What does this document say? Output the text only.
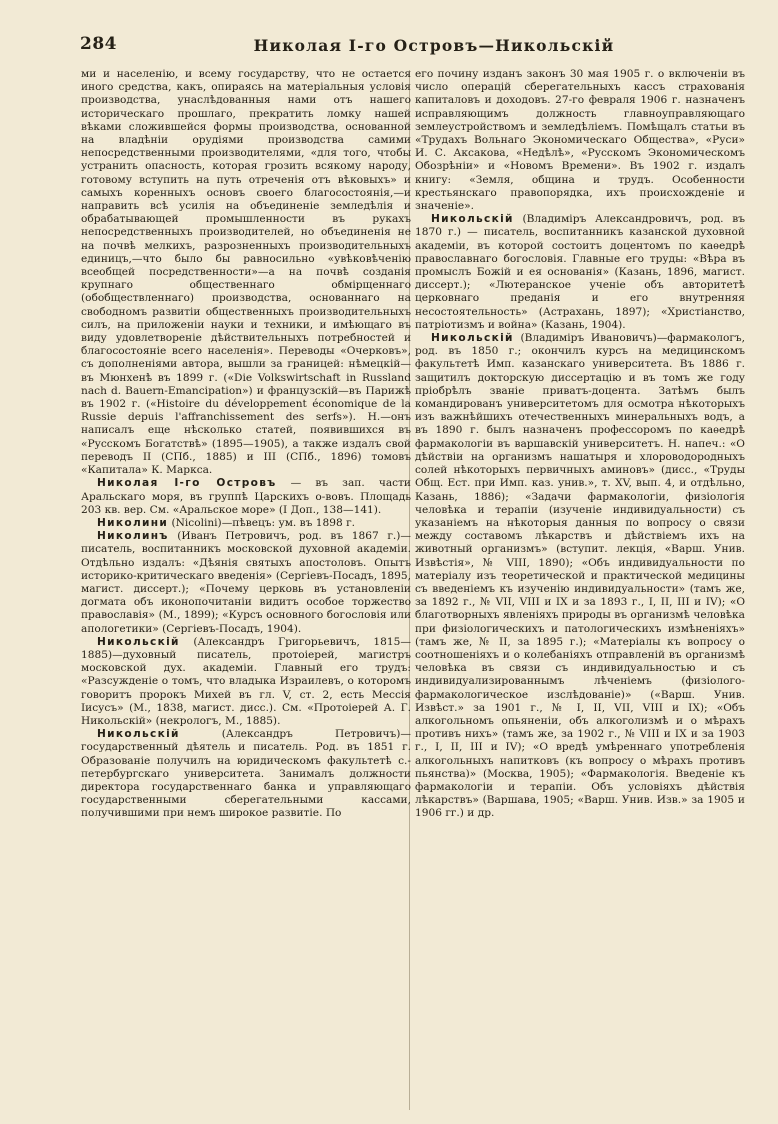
284	Николая I-го Островъ—Никольскій

ми и населенію, и всему государству, что не остается иного средства, какъ, опираясь на матеріальныя условія производства, унаслѣдованныя нами отъ нашего историческаго прошлаго, прекратить ломку нашей вѣками сложившейся формы производства, основанной на владѣніи орудіями производства самими непосредственными производителями, «для того, чтобы устранить опасность, которая грозить всякому народу, готовому вступить на путь отреченія отъ вѣковыхъ» и самыхъ коренныхъ основъ своего благосостоянія,—и направить всѣ усилія на объединеніе земледѣлія и обрабатывающей промышленности въ рукахъ непосредственныхъ производителей, но объединенія не на почвѣ мелкихъ, разрозненныхъ производительныхъ единицъ,—что было бы равносильно «увѣковѣченію всеобщей посредственности»—а на почвѣ созданія крупнаго общественнаго обмірщеннаго (обобществленнаго) производства, основаннаго на свободномъ развитіи общественныхъ производительныхъ силъ, на приложеніи науки и техники, и имѣющаго въ виду удовлетвореніе дѣйствительныхъ потребностей и благосостояніе всего населенія». Переводы «Очерковъ», съ дополненіями автора, вышли за границей: нѣмецкій—въ Мюнхенѣ въ 1899 г. («Die Volkswirtschaft in Russland nach d. Bauern-Emancipation») и французскій—въ Парижѣ въ 1902 г. («Histoire du développement économique de la Russie depuis l'affranchissement des serfs»). Н.—онъ написалъ еще нѣсколько статей, появившихся въ «Русскомъ Богатствѣ» (1895—1905), а также издалъ свой переводъ II (СПб., 1885) и III (СПб., 1896) томовъ «Капитала» К. Маркса.

Николая I-го Островъ — въ зап. части Аральскаго моря, въ группѣ Царскихъ о-вовъ. Площадь 203 кв. вер. См. «Аральское море» (I Доп., 138—141).

Николини (Nicolini)—пѣвецъ: ум. въ 1898 г.

Николинъ (Иванъ Петровичъ, род. въ 1867 г.)—писатель, воспитанникъ московской духовной академіи. Отдѣльно издалъ: «Дѣянія святыхъ апостоловъ. Опытъ историко-критическаго введенія» (Сергіевъ-Посадъ, 1895, магист. диссерт.); «Почему церковь въ установленіи догмата объ иконопочитаніи видитъ особое торжество православія» (М., 1899); «Курсъ основного богословія или апологетики» (Сергіевъ-Посадъ, 1904).

Никольскій (Александръ Григорьевичъ, 1815—1885)—духовный писатель, протоіерей, магистръ московской дух. академіи. Главный его трудъ: «Разсужденіе о томъ, что владыка Израилевъ, о которомъ говоритъ пророкъ Михей въ гл. V, ст. 2, есть Мессія Іисусъ» (М., 1838, магист. дисс.). См. «Протоіерей А. Г. Никольскій» (некрологъ, М., 1885).

Никольскій	(Александръ Петровичъ)—государственный дѣятель и писатель. Род. въ 1851 г. Образованіе получилъ на юридическомъ факультетѣ с.-петербургскаго университета. Занималъ должности директора государственнаго банка и управляющаго государственными сберегательными кассами, получившими при немъ широкое развитіе. По

его почину изданъ законъ 30 мая 1905 г. о включеніи въ число операцій сберегательныхъ кассъ страхованія капиталовъ и доходовъ. 27-го февраля 1906 г. назначенъ исправляющимъ должность главноуправляющаго землеустройствомъ и земледѣліемъ. Помѣщалъ статьи въ «Трудахъ Вольнаго Экономическаго Общества», «Руси» И. С. Аксакова, «Недѣлѣ», «Русскомъ Экономическомъ Обозрѣніи» и «Новомъ Времени». Въ 1902 г. издалъ книгу: «Земля, община и трудъ. Особенности крестьянскаго правопорядка, ихъ происхожденіе и значеніе».

Никольскій (Владиміръ Александровичъ, род. въ 1870 г.) — писатель, воспитанникъ казанской духовной академіи, въ которой состоитъ доцентомъ по каѳедрѣ православнаго богословія. Главные его труды: «Вѣра въ промыслъ Божій и ея основанія» (Казань, 1896, магист. диссерт.); «Лютеранское ученіе объ авторитетѣ церковнаго преданія и его внутренняя несостоятельность» (Астрахань, 1897); «Христіанство, патріотизмъ и война» (Казань, 1904).

Никольскій (Владиміръ Ивановичъ)—фармакологъ, род. въ 1850 г.; окончилъ курсъ на медицинскомъ факультетѣ Имп. казанскаго университета. Въ 1886 г. защитилъ докторскую диссертацію и въ томъ же году пріобрѣлъ званіе приватъ-доцента. Затѣмъ былъ командированъ университетомъ для осмотра нѣкоторыхъ изъ важнѣйшихъ отечественныхъ минеральныхъ водъ, а въ 1890 г. былъ назначенъ профессоромъ по каѳедрѣ фармакологіи въ варшавскій университетъ. Н. напеч.: «О дѣйствіи на организмъ нашатыря и хлороводородныхъ солей нѣкоторыхъ первичныхъ аминовъ» (дисс., «Труды Общ. Ест. при Имп. каз. унив.», т. XV, вып. 4, и отдѣльно, Казань, 1886); «Задачи фармакологіи, физіологія человѣка и терапіи (изученіе индивидуальности) съ указаніемъ на нѣкоторыя данныя по вопросу о связи между составомъ лѣкарствъ и дѣйствіемъ ихъ на животный организмъ» (вступит. лекція, «Варш. Унив. Извѣстія», № VIII, 1890); «Объ индивидуальности по матеріалу изъ теоретической и практической медицины съ введеніемъ къ изученію индивидуальности» (тамъ же, за 1892 г., № VII, VIII и IX и за 1893 г., I, II, III и IV); «О благотворныхъ явленіяхъ природы въ организмѣ человѣка при физіологическихъ и патологическихъ измѣненіяхъ» (тамъ же, № II, за 1895 г.); «Матеріалы къ вопросу о соотношеніяхъ и о колебаніяхъ отправленій въ организмѣ человѣка въ связи съ индивидуальностью и съ индивидуализированнымъ лѣченіемъ (физіолого-фармакологическое изслѣдованіе)» («Варш. Унив. Извѣст.» за 1901 г., № I, II, VII, VIII и IX); «Объ алкогольномъ опьяненіи, объ алкоголизмѣ и о мѣрахъ противъ нихъ» (тамъ же, за 1902 г., № VIII и IX и за 1903 г., I, II, III и IV); «О вредѣ умѣреннаго употребленія алкогольныхъ напитковъ (къ вопросу о мѣрахъ противъ пьянства)» (Москва, 1905); «Фармакологія. Введеніе къ фармакологіи и терапіи. Объ условіяхъ дѣйствія лѣкарствъ» (Варшава, 1905; «Варш. Унив. Изв.» за 1905 и 1906 гг.) и др.
